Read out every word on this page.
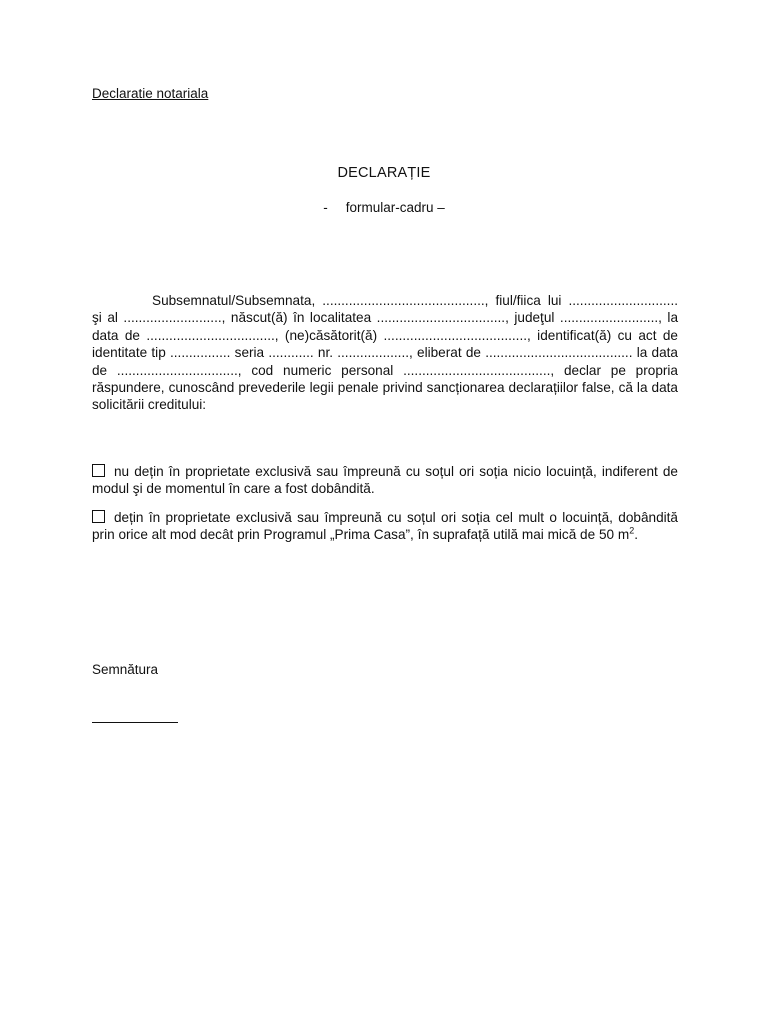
Declaratie notariala
DECLARAȚIE
- formular-cadru –
Subsemnatul/Subsemnata, ..........................................., fiul/fiica lui ............................. şi al .........................., născut(ă) în localitatea .................................., judeţul .........................., la data de .................................., (ne)căsătorit(ă) ......................................, identificat(ă) cu act de identitate tip ................ seria ............ nr. ..................., eliberat de ....................................... la data de ................................, cod numeric personal ......................................., declar pe propria răspundere, cunoscând prevederile legii penale privind sancționarea declarațiilor false, că la data solicitării creditului:
nu dețin în proprietate exclusivă sau împreună cu soțul ori soția nicio locuință, indiferent de modul şi de momentul în care a fost dobândită.
dețin în proprietate exclusivă sau împreună cu soțul ori soția cel mult o locuință, dobândită prin orice alt mod decât prin Programul „Prima Casa”, în suprafață utilă mai mică de 50 $m^2$.
Semnătura
